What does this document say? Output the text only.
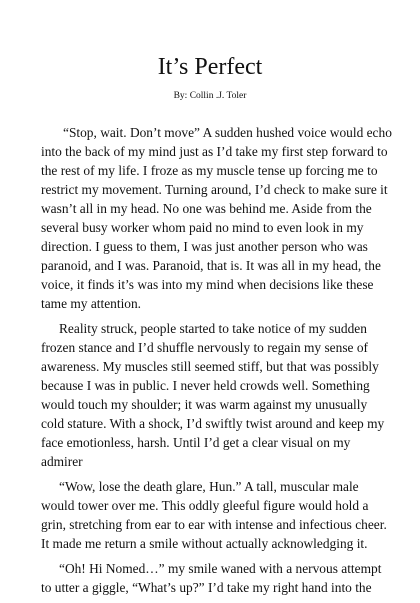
It’s Perfect

By: Collin .J. Toler

“Stop, wait. Don’t move” A sudden hushed voice would echo
into the back of my mind just as I’d take my first step forward to
the rest of my life. I froze as my muscle tense up forcing me to
restrict my movement. Turning around, I’d check to make sure it
wasn’t all in my head. No one was behind me. Aside from the
several busy worker whom paid no mind to even look in my
direction. I guess to them, I was just another person who was
paranoid, and I was. Paranoid, that is. It was all in my head, the
voice, it finds it’s was into my mind when decisions like these
tame my attention.

Reality struck, people started to take notice of my sudden
frozen stance and I’d shuffle nervously to regain my sense of
awareness. My muscles still seemed stiff, but that was possibly
because I was in public. I never held crowds well. Something
would touch my shoulder; it was warm against my unusually
cold stature. With a shock, I’d swiftly twist around and keep my
face emotionless, harsh. Until I’d get a clear visual on my
admirer

“Wow, lose the death glare, Hun.” A tall, muscular male
would tower over me. This oddly gleeful figure would hold a
grin, stretching from ear to ear with intense and infectious cheer.
It made me return a smile without actually acknowledging it.

“Oh! Hi Nomed…” my smile waned with a nervous attempt
to utter a giggle, “What’s up?” I’d take my right hand into the
